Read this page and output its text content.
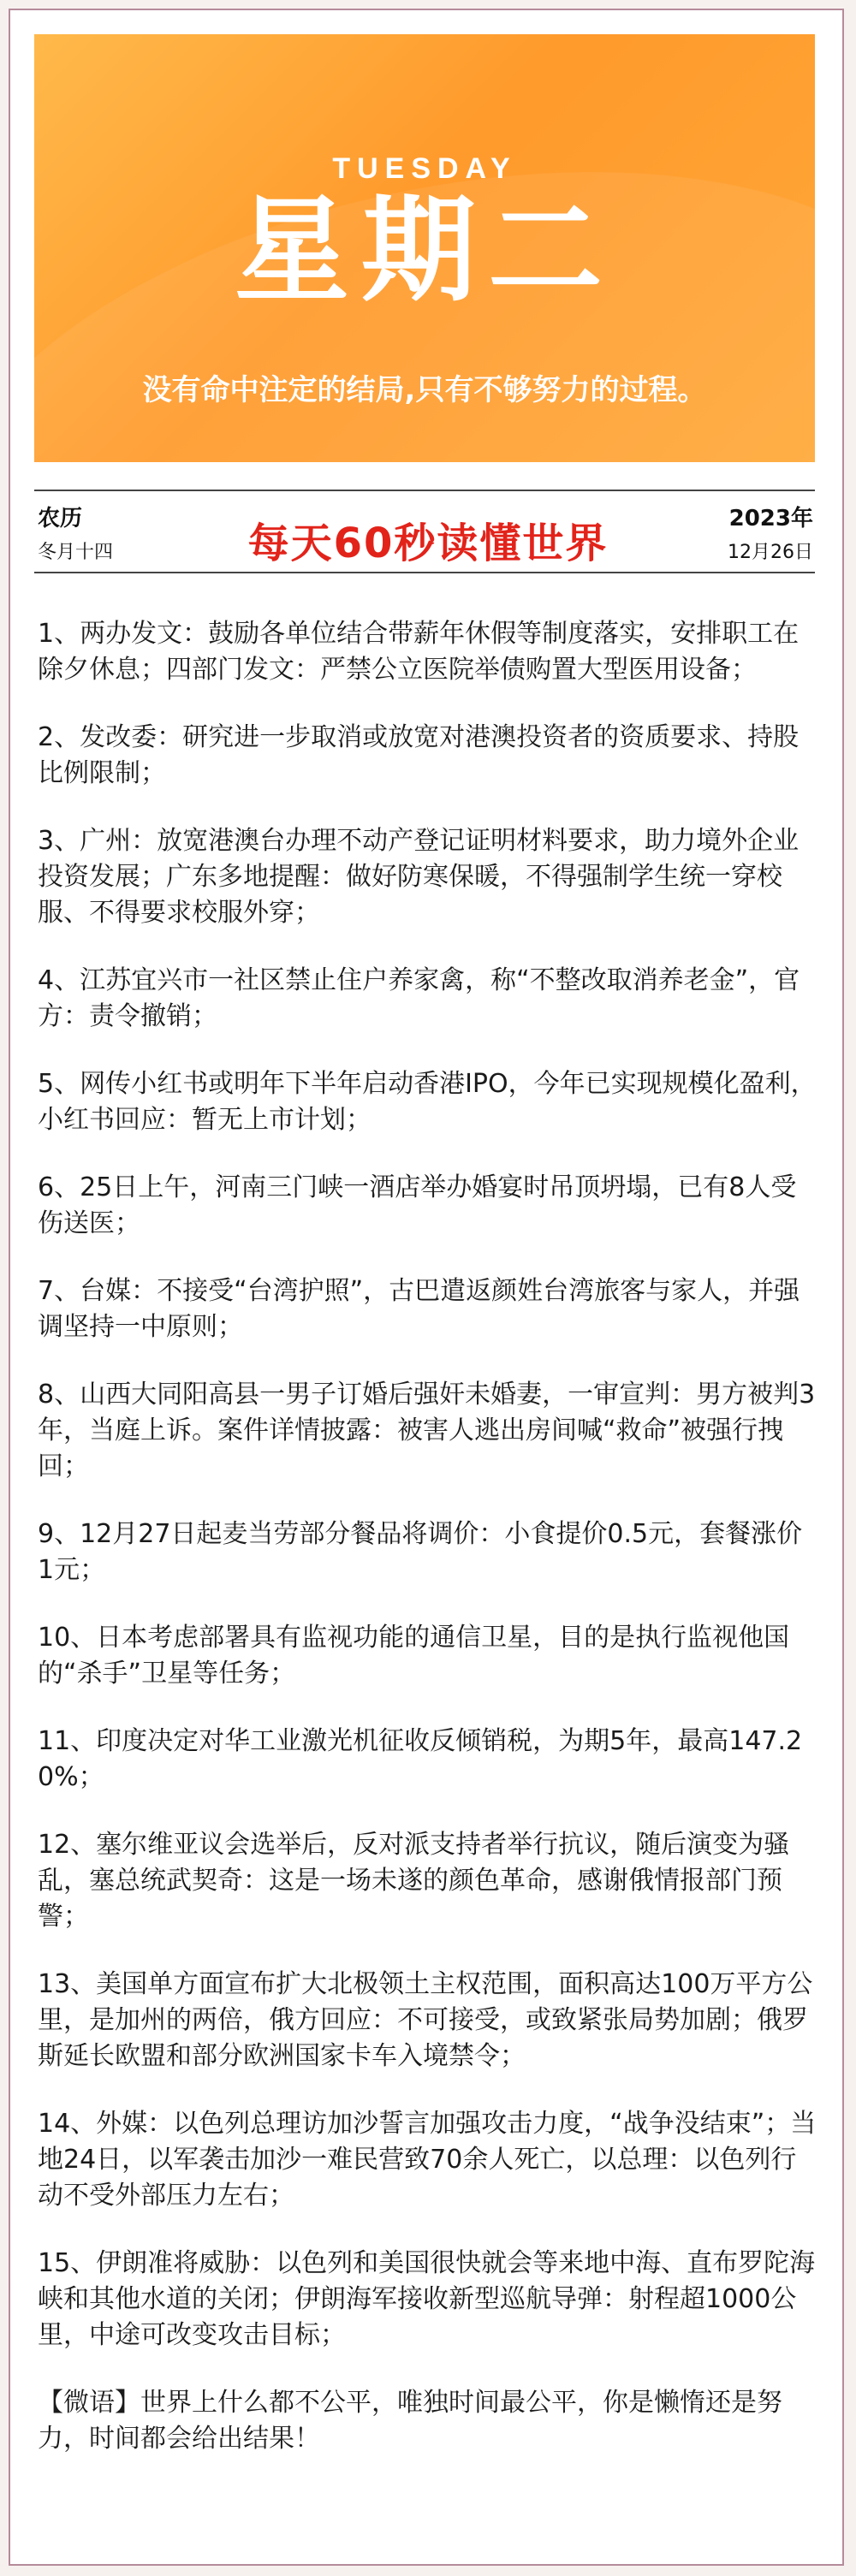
TUESDAY
星期二
没有命中注定的结局,只有不够努力的过程。
农历
冬月十四	每天60秒读懂世界
2023年
12月26日
1、两办发文：鼓励各单位结合带薪年休假等制度落实，安排职工在除夕休息；四部门发文：严禁公立医院举债购置大型医用设备；
2、发改委：研究进一步取消或放宽对港澳投资者的资质要求、持股比例限制；
3、广州：放宽港澳台办理不动产登记证明材料要求，助力境外企业投资发展；广东多地提醒：做好防寒保暖，不得强制学生统一穿校服、不得要求校服外穿；
4、江苏宜兴市一社区禁止住户养家禽，称“不整改取消养老金”，官方：责令撤销；
5、网传小红书或明年下半年启动香港IPO，今年已实现规模化盈利，小红书回应：暂无上市计划；
6、25日上午，河南三门峡一酒店举办婚宴时吊顶坍塌，已有8人受伤送医；
7、台媒：不接受“台湾护照”，古巴遣返颜姓台湾旅客与家人，并强调坚持一中原则；
8、山西大同阳高县一男子订婚后强奸未婚妻，一审宣判：男方被判3年，当庭上诉。案件详情披露：被害人逃出房间喊“救命”被强行拽回；
9、12月27日起麦当劳部分餐品将调价：小食提价0.5元，套餐涨价1元；
10、日本考虑部署具有监视功能的通信卫星，目的是执行监视他国的“杀手”卫星等任务；
11、印度决定对华工业激光机征收反倾销税，为期5年，最高147.20%；
12、塞尔维亚议会选举后，反对派支持者举行抗议，随后演变为骚乱，塞总统武契奇：这是一场未遂的颜色革命，感谢俄情报部门预警；
13、美国单方面宣布扩大北极领土主权范围，面积高达100万平方公里，是加州的两倍，俄方回应：不可接受，或致紧张局势加剧；俄罗斯延长欧盟和部分欧洲国家卡车入境禁令；
14、外媒：以色列总理访加沙誓言加强攻击力度，“战争没结束”；当地24日，以军袭击加沙一难民营致70余人死亡，以总理：以色列行动不受外部压力左右；
15、伊朗准将威胁：以色列和美国很快就会等来地中海、直布罗陀海峡和其他水道的关闭；伊朗海军接收新型巡航导弹：射程超1000公里，中途可改变攻击目标；
【微语】世界上什么都不公平，唯独时间最公平，你是懒惰还是努力，时间都会给出结果！
